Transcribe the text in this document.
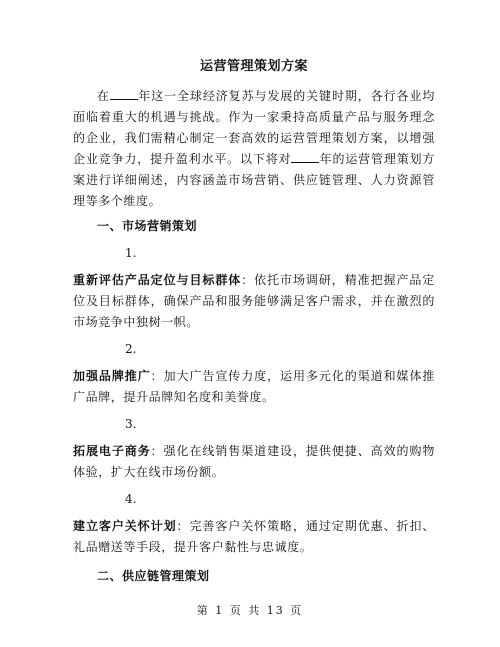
运营管理策划方案

在 年这一全球经济复苏与发展的关键时期，各行各业均面临着重大的机遇与挑战。作为一家秉持高质量产品与服务理念的企业，我们需精心制定一套高效的运营管理策划方案，以增强企业竞争力，提升盈利水平。以下将对 年的运营管理策划方案进行详细阐述，内容涵盖市场营销、供应链管理、人力资源管理等多个维度。

一、市场营销策划
1.

重新评估产品定位与目标群体：依托市场调研，精准把握产品定位及目标群体，确保产品和服务能够满足客户需求，并在激烈的市场竞争中独树一帜。

2.

加强品牌推广：加大广告宣传力度，运用多元化的渠道和媒体推广品牌，提升品牌知名度和美誉度。

3.

拓展电子商务：强化在线销售渠道建设，提供便捷、高效的购物体验，扩大在线市场份额。

4.

建立客户关怀计划：完善客户关怀策略，通过定期优惠、折扣、礼品赠送等手段，提升客户黏性与忠诚度。

二、供应链管理策划
第 1 页 共 13 页
